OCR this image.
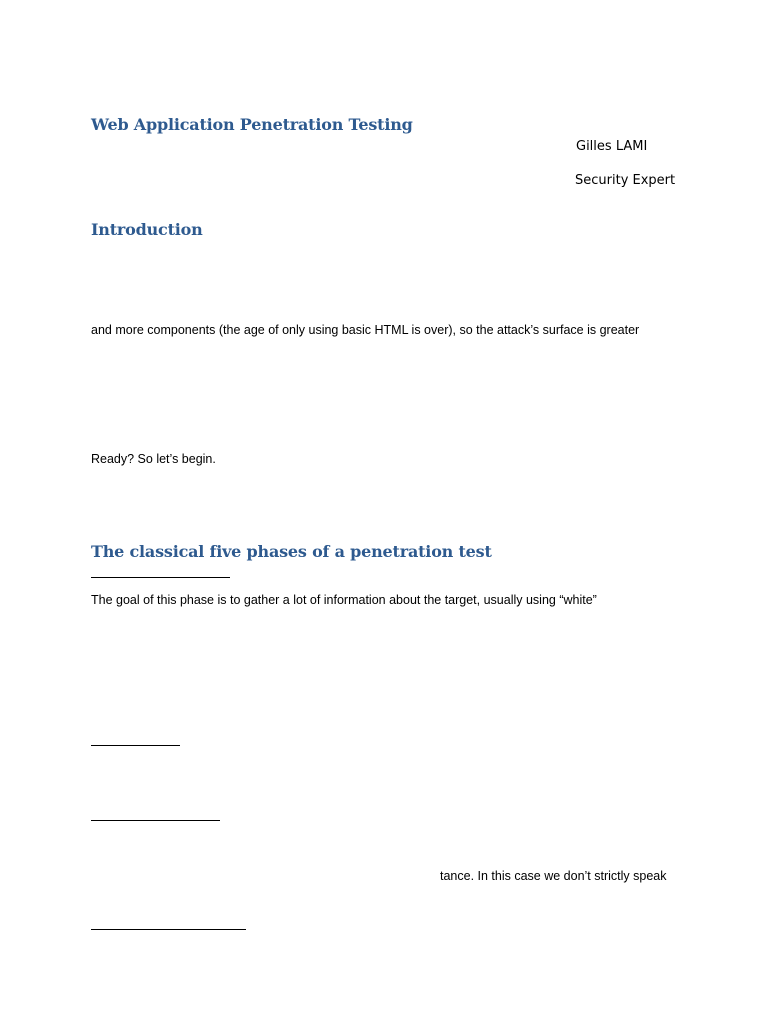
Web Application Penetration Testing
Gilles LAMI
Security Expert
Introduction
and more components (the age of only using basic HTML is over), so the attack’s surface is greater
Ready? So let’s begin.
The classical five phases of a penetration test
The goal of this phase is to gather a lot of information about the target, usually using “white”
tance. In this case we don’t strictly speak
